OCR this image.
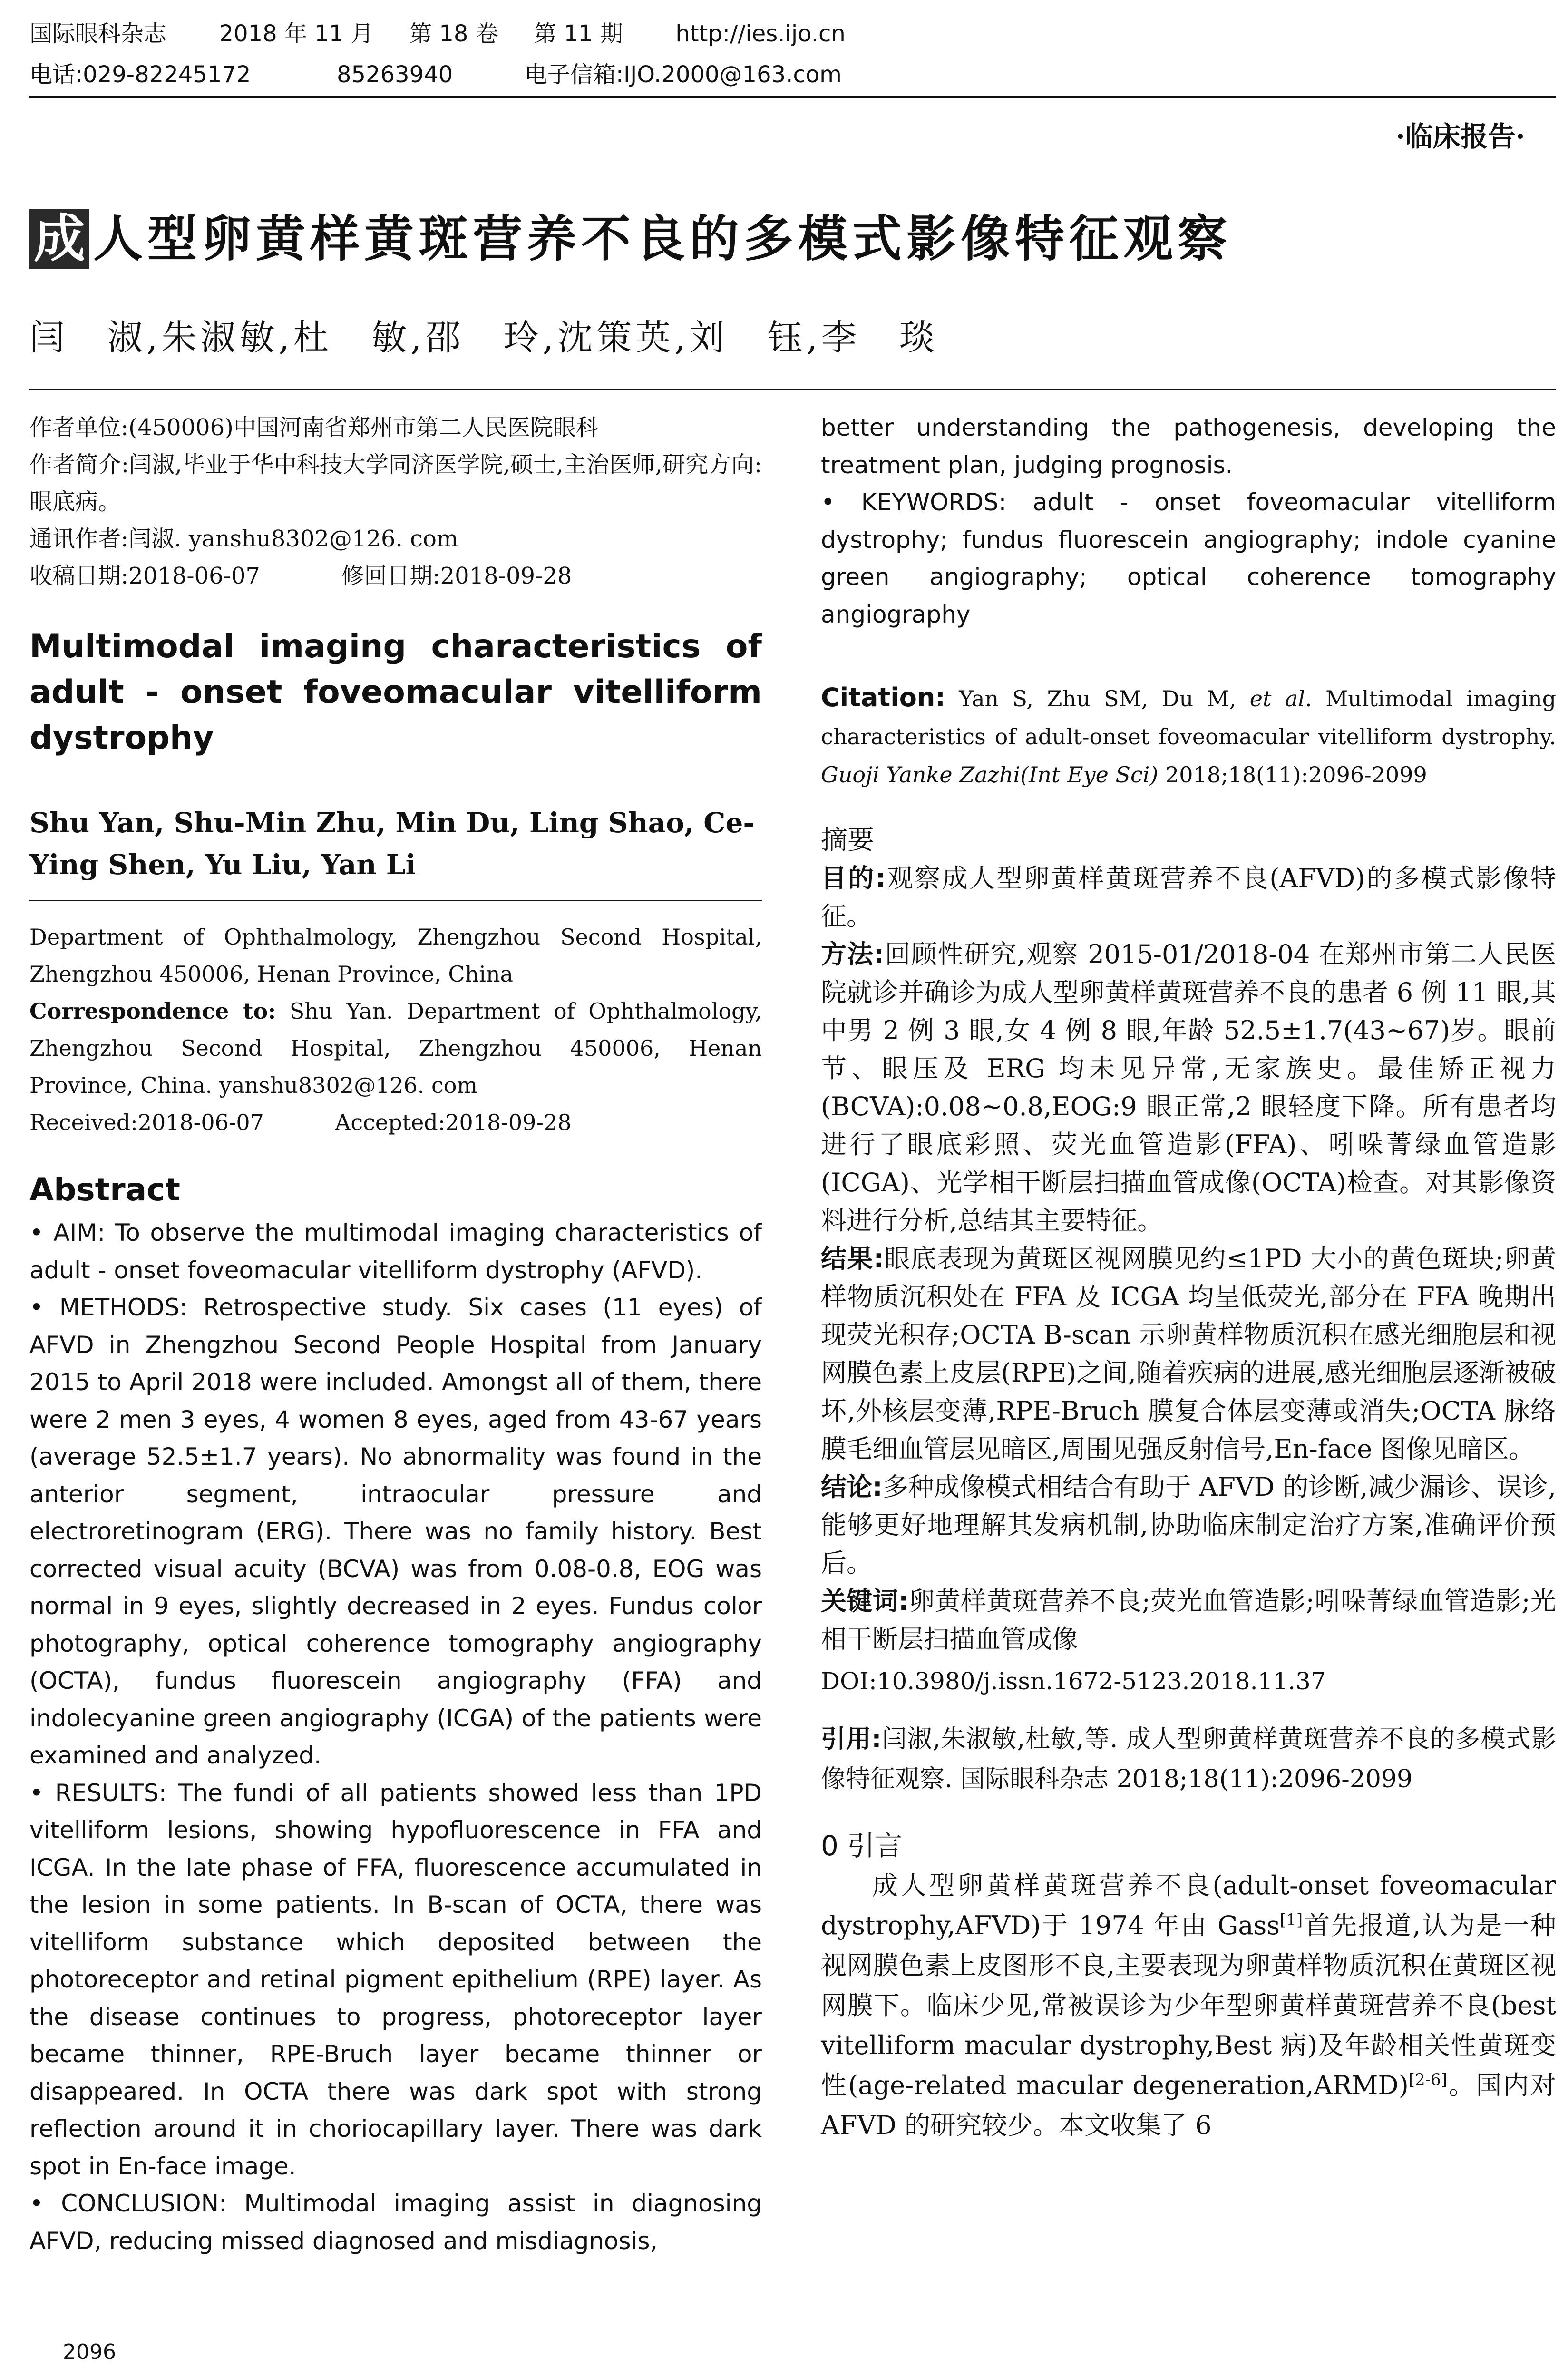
国际眼科杂志 2018 年 11 月 第 18 卷 第 11 期 http://ies.ijo.cn
电话:029-82245172	85263940	电子信箱:IJO.2000@163.com
·临床报告·
成 人型卵黄样黄斑营养不良的多模式影像特征观察
闫　淑,朱淑敏,杜　敏,邵　玲,沈策英,刘　钰,李　琰

作者单位:(450006)中国河南省郑州市第二人民医院眼科

作者简介:闫淑,毕业于华中科技大学同济医学院,硕士,主治医师,研究方向:眼底病。

通讯作者:闫淑. yanshu8302@126. com

收稿日期:2018-06-07	修回日期:2018-09-28

Multimodal imaging characteristics of adult - onset foveomacular vitelliform dystrophy
Shu Yan, Shu-Min Zhu, Min Du, Ling Shao, Ce-Ying Shen, Yu Liu, Yan Li

Department of Ophthalmology, Zhengzhou Second Hospital, Zhengzhou 450006, Henan Province, China

Correspondence to: Shu Yan. Department of Ophthalmology, Zhengzhou Second Hospital, Zhengzhou 450006, Henan Province, China. yanshu8302@126. com

Received:2018-06-07	Accepted:2018-09-28

Abstract

• AIM: To observe the multimodal imaging characteristics of adult - onset foveomacular vitelliform dystrophy (AFVD).

• METHODS: Retrospective study. Six cases (11 eyes) of AFVD in Zhengzhou Second People Hospital from January 2015 to April 2018 were included. Amongst all of them, there were 2 men 3 eyes, 4 women 8 eyes, aged from 43-67 years (average 52.5±1.7 years). No abnormality was found in the anterior segment, intraocular pressure and electroretinogram (ERG). There was no family history. Best corrected visual acuity (BCVA) was from 0.08-0.8, EOG was normal in 9 eyes, slightly decreased in 2 eyes. Fundus color photography, optical coherence tomography angiography (OCTA), fundus fluorescein angiography (FFA) and indolecyanine green angiography (ICGA) of the patients were examined and analyzed.

• RESULTS: The fundi of all patients showed less than 1PD vitelliform lesions, showing hypofluorescence in FFA and ICGA. In the late phase of FFA, fluorescence accumulated in the lesion in some patients. In B-scan of OCTA, there was vitelliform substance which deposited between the photoreceptor and retinal pigment epithelium (RPE) layer. As the disease continues to progress, photoreceptor layer became thinner, RPE-Bruch layer became thinner or disappeared. In OCTA there was dark spot with strong reflection around it in choriocapillary layer. There was dark spot in En-face image.

• CONCLUSION: Multimodal imaging assist in diagnosing AFVD, reducing missed diagnosed and misdiagnosis,

better understanding the pathogenesis, developing the treatment plan, judging prognosis.

• KEYWORDS: adult - onset foveomacular vitelliform dystrophy; fundus fluorescein angiography; indole cyanine green angiography; optical coherence tomography angiography

Citation: Yan S, Zhu SM, Du M, et al. Multimodal imaging characteristics of adult-onset foveomacular vitelliform dystrophy. Guoji Yanke Zazhi(Int Eye Sci) 2018;18(11):2096-2099
摘要

目的:观察成人型卵黄样黄斑营养不良(AFVD)的多模式影像特征。

方法:回顾性研究,观察 2015-01/2018-04 在郑州市第二人民医院就诊并确诊为成人型卵黄样黄斑营养不良的患者 6 例 11 眼,其中男 2 例 3 眼,女 4 例 8 眼,年龄 52.5±1.7(43~67)岁。眼前节、眼压及 ERG 均未见异常,无家族史。最佳矫正视力(BCVA):0.08~0.8,EOG:9 眼正常,2 眼轻度下降。所有患者均进行了眼底彩照、荧光血管造影(FFA)、吲哚菁绿血管造影(ICGA)、光学相干断层扫描血管成像(OCTA)检查。对其影像资料进行分析,总结其主要特征。

结果:眼底表现为黄斑区视网膜见约≤1PD 大小的黄色斑块;卵黄样物质沉积处在 FFA 及 ICGA 均呈低荧光,部分在 FFA 晚期出现荧光积存;OCTA B-scan 示卵黄样物质沉积在感光细胞层和视网膜色素上皮层(RPE)之间,随着疾病的进展,感光细胞层逐渐被破坏,外核层变薄,RPE-Bruch 膜复合体层变薄或消失;OCTA 脉络膜毛细血管层见暗区,周围见强反射信号,En-face 图像见暗区。

结论:多种成像模式相结合有助于 AFVD 的诊断,减少漏诊、误诊,能够更好地理解其发病机制,协助临床制定治疗方案,准确评价预后。

关键词:卵黄样黄斑营养不良;荧光血管造影;吲哚菁绿血管造影;光相干断层扫描血管成像

DOI:10.3980/j.issn.1672-5123.2018.11.37

引用:闫淑,朱淑敏,杜敏,等. 成人型卵黄样黄斑营养不良的多模式影像特征观察. 国际眼科杂志 2018;18(11):2096-2099

0 引言

成人型卵黄样黄斑营养不良(adult-onset foveomacular dystrophy,AFVD)于 1974 年由 Gass[1]首先报道,认为是一种视网膜色素上皮图形不良,主要表现为卵黄样物质沉积在黄斑区视网膜下。临床少见,常被误诊为少年型卵黄样黄斑营养不良(best vitelliform macular dystrophy,Best 病)及年龄相关性黄斑变性(age-related macular degeneration,ARMD)[2-6]。国内对 AFVD 的研究较少。本文收集了 6

2096
